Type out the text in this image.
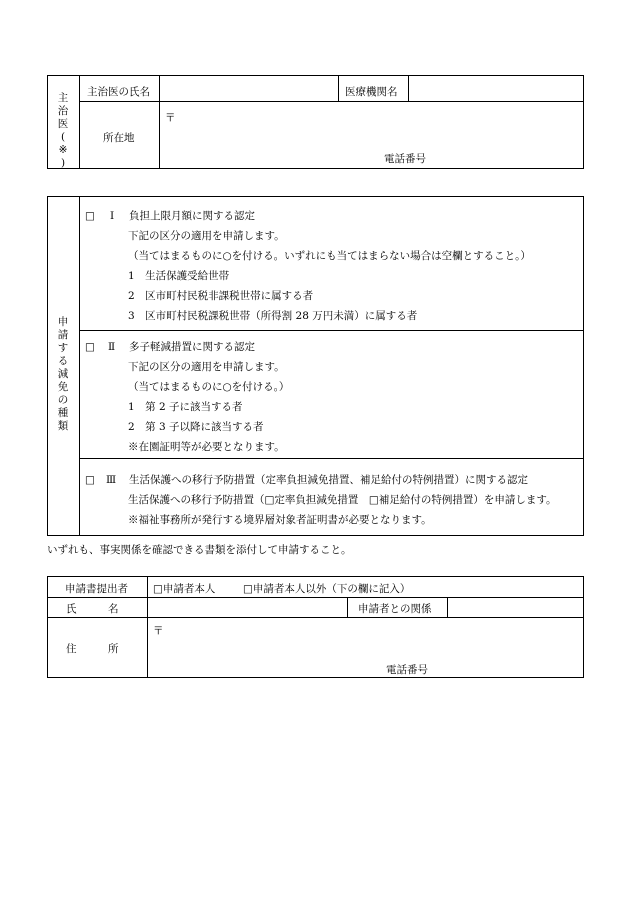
主
治
医
(
※
)
主治医の氏名	医療機関名
所在地
〒
電話番号
申
請
す
る
減
免
の
種
類
□ Ⅰ 負担上限月額に関する認定
下記の区分の適用を申請します。
（当てはまるものに○を付ける。いずれにも当てはまらない場合は空欄とすること。）
1　生活保護受給世帯
2　区市町村民税非課税世帯に属する者
3　区市町村民税課税世帯（所得割 28 万円未満）に属する者
□ Ⅱ 多子軽減措置に関する認定
下記の区分の適用を申請します。
（当てはまるものに○を付ける。）
1　第 2 子に該当する者
2　第 3 子以降に該当する者
※在園証明等が必要となります。
□ Ⅲ 生活保護への移行予防措置（定率負担減免措置、補足給付の特例措置）に関する認定
生活保護への移行予防措置（□定率負担減免措置　□補足給付の特例措置）を申請します。
※福祉事務所が発行する境界層対象者証明書が必要となります。
いずれも、事実関係を確認できる書類を添付して申請すること。
申請書提出者 □申請者本人	□申請者本人以外（下の欄に記入）
氏　　　名	申請者との関係
住　　　所
〒
電話番号
